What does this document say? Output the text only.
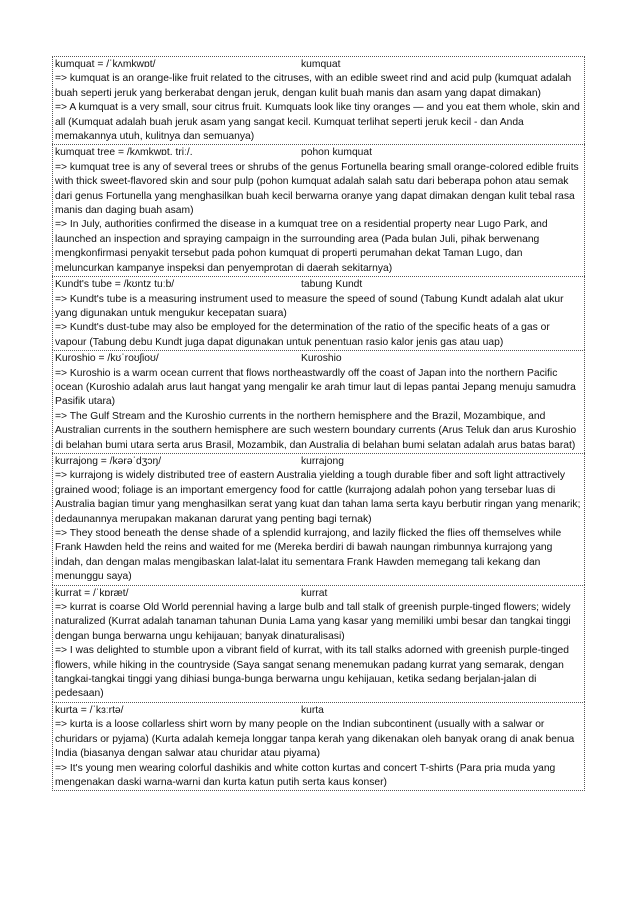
kumquat = /ˈkʌmkwɒt/	kumquat
=> kumquat is an orange-like fruit related to the citruses, with an edible sweet rind and acid pulp (kumquat adalah buah seperti jeruk yang berkerabat dengan jeruk, dengan kulit buah manis dan asam yang dapat dimakan)
=> A kumquat is a very small, sour citrus fruit. Kumquats look like tiny oranges — and you eat them whole, skin and all (Kumquat adalah buah jeruk asam yang sangat kecil. Kumquat terlihat seperti jeruk kecil - dan Anda memakannya utuh, kulitnya dan semuanya)
kumquat tree = /kʌmkwɒt. triː/.	pohon kumquat
=> kumquat tree is any of several trees or shrubs of the genus Fortunella bearing small orange-colored edible fruits with thick sweet-flavored skin and sour pulp (pohon kumquat adalah salah satu dari beberapa pohon atau semak dari genus Fortunella yang menghasilkan buah kecil berwarna oranye yang dapat dimakan dengan kulit tebal rasa manis dan daging buah asam)
=> In July, authorities confirmed the disease in a kumquat tree on a residential property near Lugo Park, and launched an inspection and spraying campaign in the surrounding area (Pada bulan Juli, pihak berwenang mengkonfirmasi penyakit tersebut pada pohon kumquat di properti perumahan dekat Taman Lugo, dan meluncurkan kampanye inspeksi dan penyemprotan di daerah sekitarnya)
Kundt's tube = /kʊntz tuːb/	tabung Kundt
=> Kundt's tube is a measuring instrument used to measure the speed of sound (Tabung Kundt adalah alat ukur yang digunakan untuk mengukur kecepatan suara)
=> Kundt's dust-tube may also be employed for the determination of the ratio of the specific heats of a gas or vapour (Tabung debu Kundt juga dapat digunakan untuk penentuan rasio kalor jenis gas atau uap)
Kuroshio = /kʊˈroʊʃioʊ/	Kuroshio
=> Kuroshio is a warm ocean current that flows northeastwardly off the coast of Japan into the northern Pacific ocean (Kuroshio adalah arus laut hangat yang mengalir ke arah timur laut di lepas pantai Jepang menuju samudra Pasifik utara)
=> The Gulf Stream and the Kuroshio currents in the northern hemisphere and the Brazil, Mozambique, and Australian currents in the southern hemisphere are such western boundary currents (Arus Teluk dan arus Kuroshio di belahan bumi utara serta arus Brasil, Mozambik, dan Australia di belahan bumi selatan adalah arus batas barat)
kurrajong = /kərəˈdʒɔŋ/	kurrajong
=> kurrajong is widely distributed tree of eastern Australia yielding a tough durable fiber and soft light attractively grained wood; foliage is an important emergency food for cattle (kurrajong adalah pohon yang tersebar luas di Australia bagian timur yang menghasilkan serat yang kuat dan tahan lama serta kayu berbutir ringan yang menarik; dedaunannya merupakan makanan darurat yang penting bagi ternak)
=> They stood beneath the dense shade of a splendid kurrajong, and lazily flicked the flies off themselves while Frank Hawden held the reins and waited for me (Mereka berdiri di bawah naungan rimbunnya kurrajong yang indah, dan dengan malas mengibaskan lalat-lalat itu sementara Frank Hawden memegang tali kekang dan menunggu saya)
kurrat = /ˈkɒræt/	kurrat
=> kurrat is coarse Old World perennial having a large bulb and tall stalk of greenish purple-tinged flowers; widely naturalized (Kurrat adalah tanaman tahunan Dunia Lama yang kasar yang memiliki umbi besar dan tangkai tinggi dengan bunga berwarna ungu kehijauan; banyak dinaturalisasi)
=> I was delighted to stumble upon a vibrant field of kurrat, with its tall stalks adorned with greenish purple-tinged flowers, while hiking in the countryside (Saya sangat senang menemukan padang kurrat yang semarak, dengan tangkai-tangkai tinggi yang dihiasi bunga-bunga berwarna ungu kehijauan, ketika sedang berjalan-jalan di pedesaan)
kurta = /ˈkɜːrtə/	kurta
=> kurta is a loose collarless shirt worn by many people on the Indian subcontinent (usually with a salwar or churidars or pyjama) (Kurta adalah kemeja longgar tanpa kerah yang dikenakan oleh banyak orang di anak benua India (biasanya dengan salwar atau churidar atau piyama)
=> It's young men wearing colorful dashikis and white cotton kurtas and concert T-shirts (Para pria muda yang mengenakan daski warna-warni dan kurta katun putih serta kaus konser)
